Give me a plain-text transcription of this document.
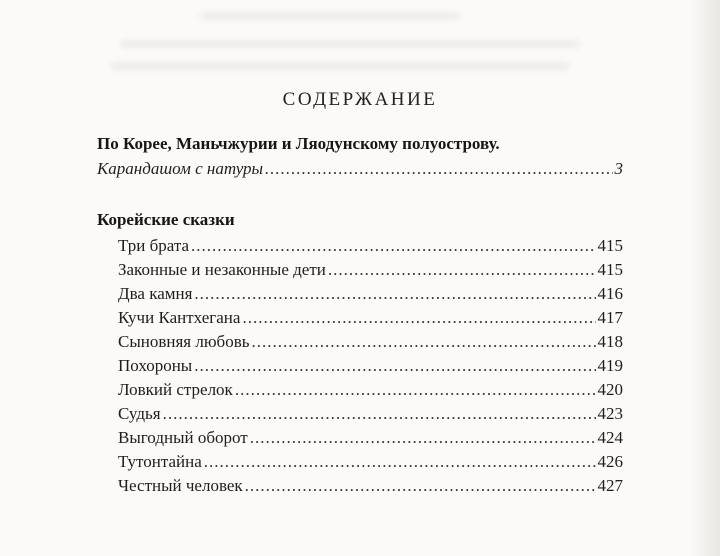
СОДЕРЖАНИЕ
По Корее, Маньчжурии и Ляодунскому полуострову.
Карандашом с натуры .....	3
Корейские сказки
Три брата .....	415
Законные и незаконные дети .....	415
Два камня .....	416
Кучи Кантхегана .....	417
Сыновняя любовь .....	418
Похороны .....	419
Ловкий стрелок .....	420
Судья .....	423
Выгодный оборот .....	424
Тутонтайна .....	426
Честный человек .....	427
